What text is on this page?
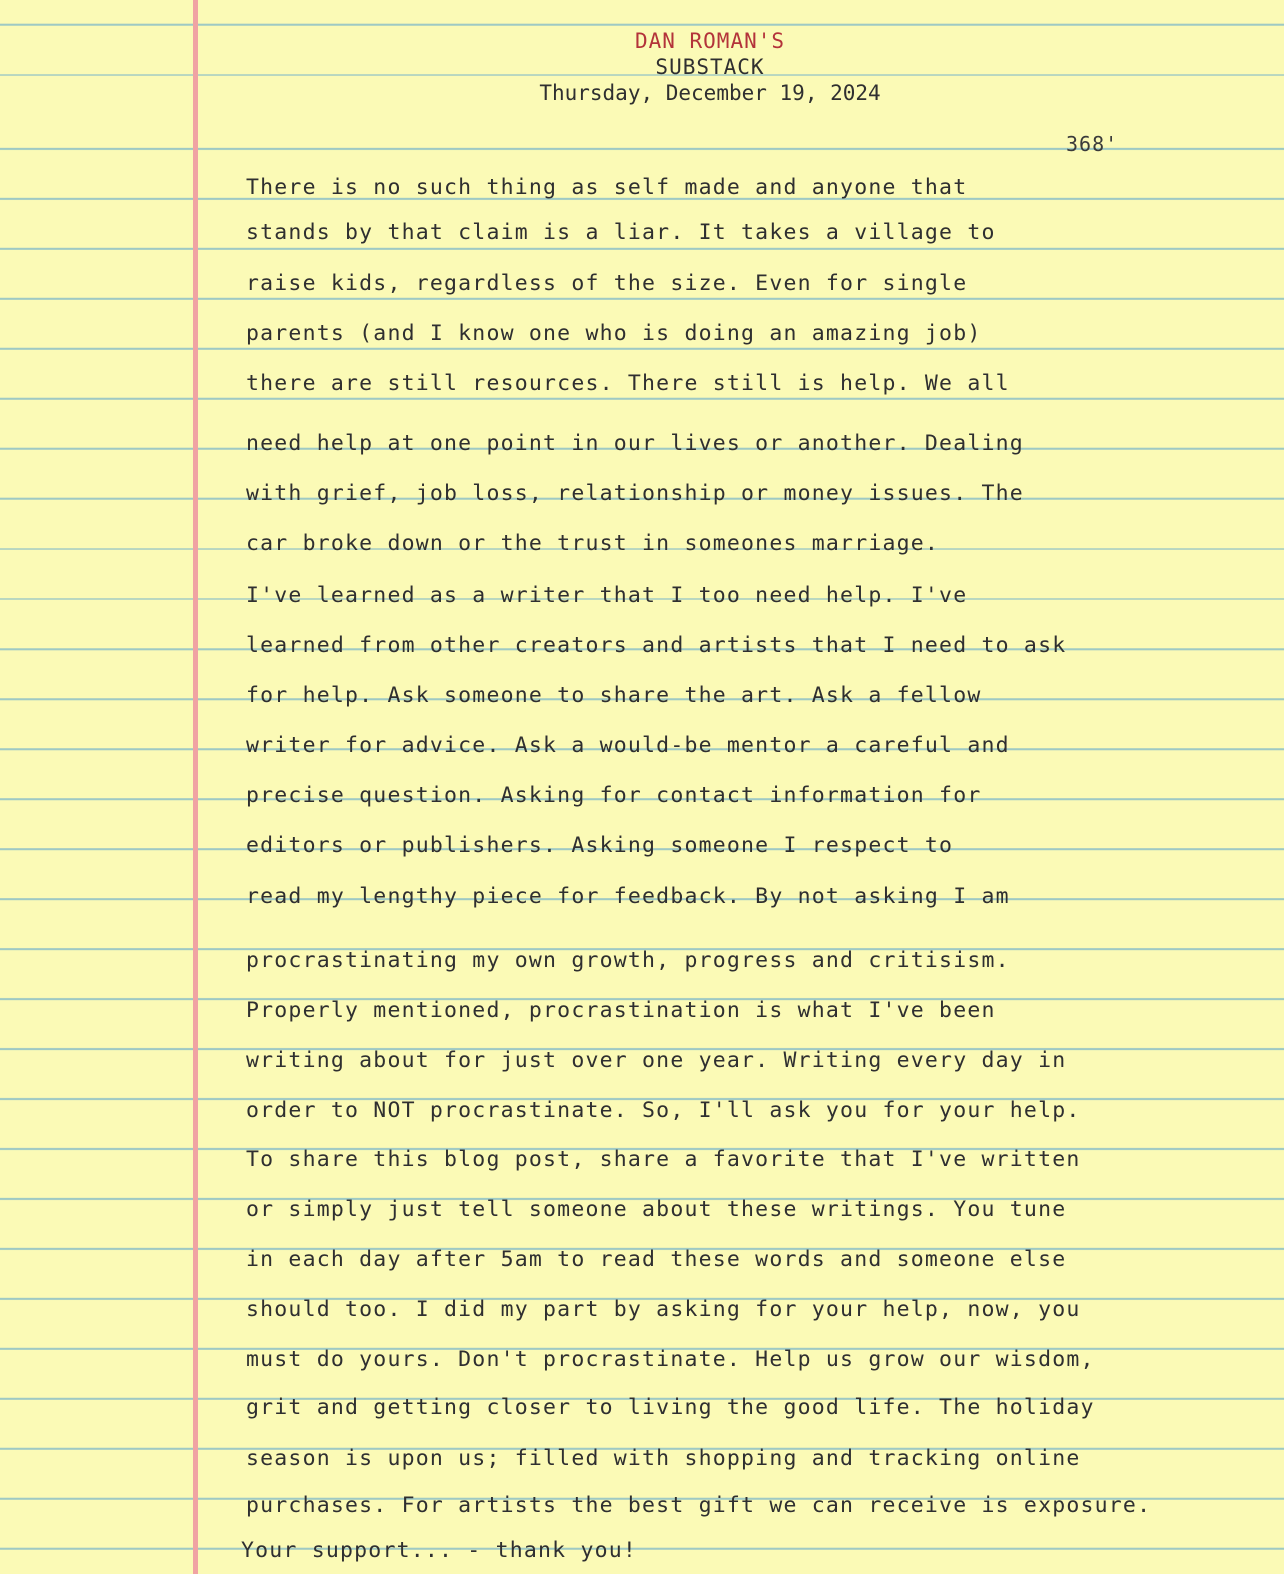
DAN ROMAN'S
SUBSTACK
Thursday, December 19, 2024
368'
There is no such thing as self made and anyone that
stands by that claim is a liar. It takes a village to
raise kids, regardless of the size. Even for single
parents (and I know one who is doing an amazing job)
there are still resources. There still is help. We all
need help at one point in our lives or another. Dealing
with grief, job loss, relationship or money issues. The
car broke down or the trust in someones marriage.
I've learned as a writer that I too need help. I've
learned from other creators and artists that I need to ask
for help. Ask someone to share the art. Ask a fellow
writer for advice. Ask a would-be mentor a careful and
precise question. Asking for contact information for
editors or publishers. Asking someone I respect to
read my lengthy piece for feedback. By not asking I am
procrastinating my own growth, progress and critisism.
Properly mentioned, procrastination is what I've been
writing about for just over one year. Writing every day in
order to NOT procrastinate. So, I'll ask you for your help.
To share this blog post, share a favorite that I've written
or simply just tell someone about these writings. You tune
in each day after 5am to read these words and someone else
should too. I did my part by asking for your help, now, you
must do yours. Don't procrastinate. Help us grow our wisdom,
grit and getting closer to living the good life. The holiday
season is upon us; filled with shopping and tracking online
purchases. For artists the best gift we can receive is exposure.
Your support... - thank you!
